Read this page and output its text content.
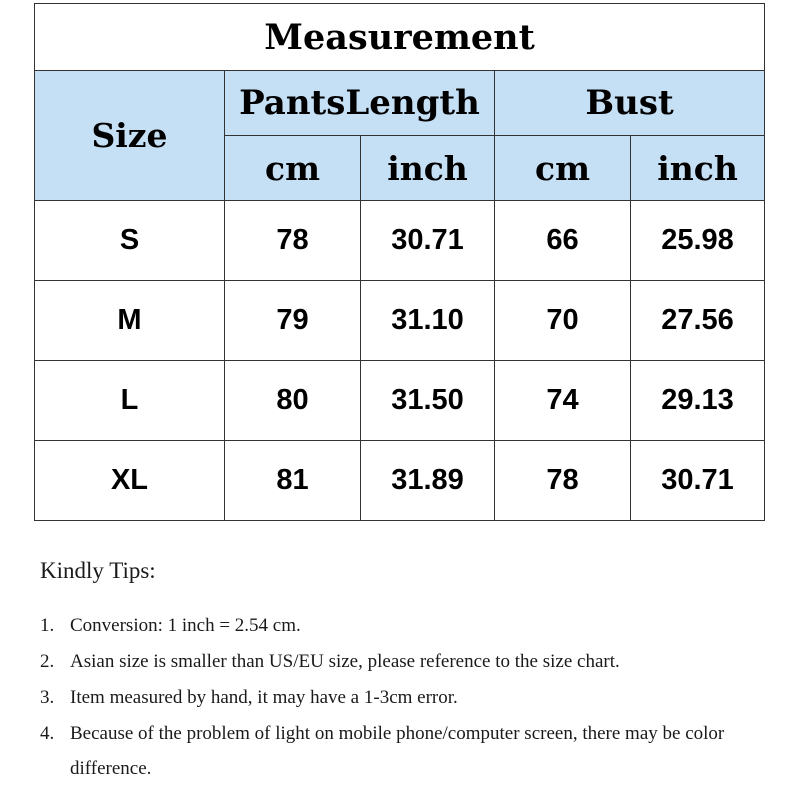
Measurement				
Size	PantsLength		Bust	
	cm	inch	cm	inch
S	78	30.71	66	25.98
M	79	31.10	70	27.56
L	80	31.50	74	29.13
XL	81	31.89	78	30.71
Kindly Tips:
1. Conversion: 1 inch = 2.54 cm.
2. Asian size is smaller than US/EU size, please reference to the size chart.
3. Item measured by hand, it may have a 1-3cm error.
4. Because of the problem of light on mobile phone/computer screen, there may be color difference.
